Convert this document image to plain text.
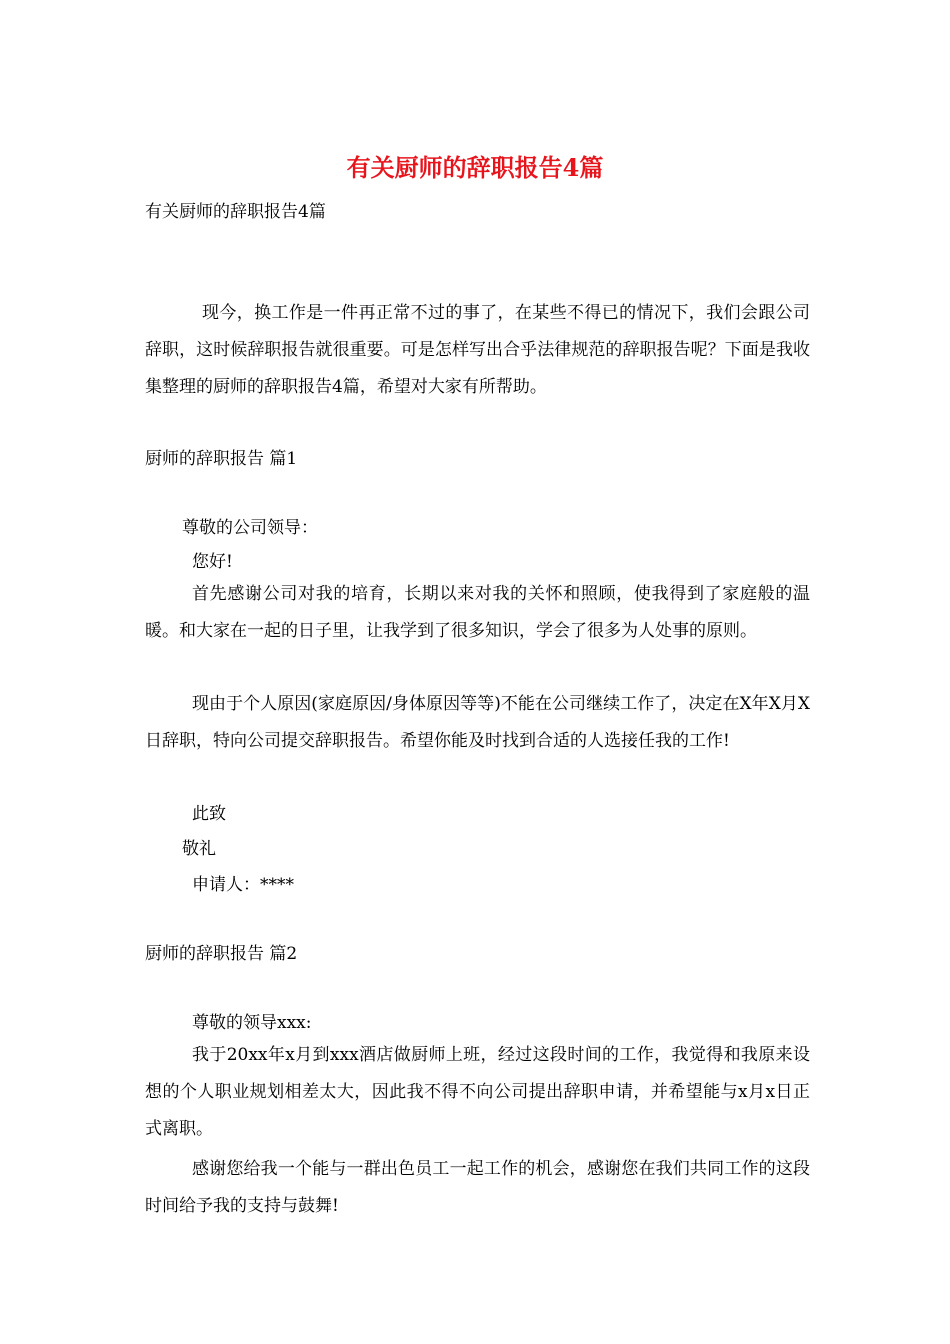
有关厨师的辞职报告4篇

有关厨师的辞职报告4篇

现今，换工作是一件再正常不过的事了，在某些不得已的情况下，我们会跟公司辞职，这时候辞职报告就很重要。可是怎样写出合乎法律规范的辞职报告呢？下面是我收集整理的厨师的辞职报告4篇，希望对大家有所帮助。

厨师的辞职报告 篇1

尊敬的公司领导：

您好!

首先感谢公司对我的培育，长期以来对我的关怀和照顾，使我得到了家庭般的温暖。和大家在一起的日子里，让我学到了很多知识，学会了很多为人处事的原则。

现由于个人原因(家庭原因/身体原因等等)不能在公司继续工作了，决定在X年X月X日辞职，特向公司提交辞职报告。希望你能及时找到合适的人选接任我的工作!

此致

敬礼

申请人：****

厨师的辞职报告 篇2

尊敬的领导xxx:

我于20xx年x月到xxx酒店做厨师上班，经过这段时间的工作，我觉得和我原来设想的个人职业规划相差太大，因此我不得不向公司提出辞职申请，并希望能与x月x日正式离职。

感谢您给我一个能与一群出色员工一起工作的机会，感谢您在我们共同工作的这段时间给予我的支持与鼓舞!
